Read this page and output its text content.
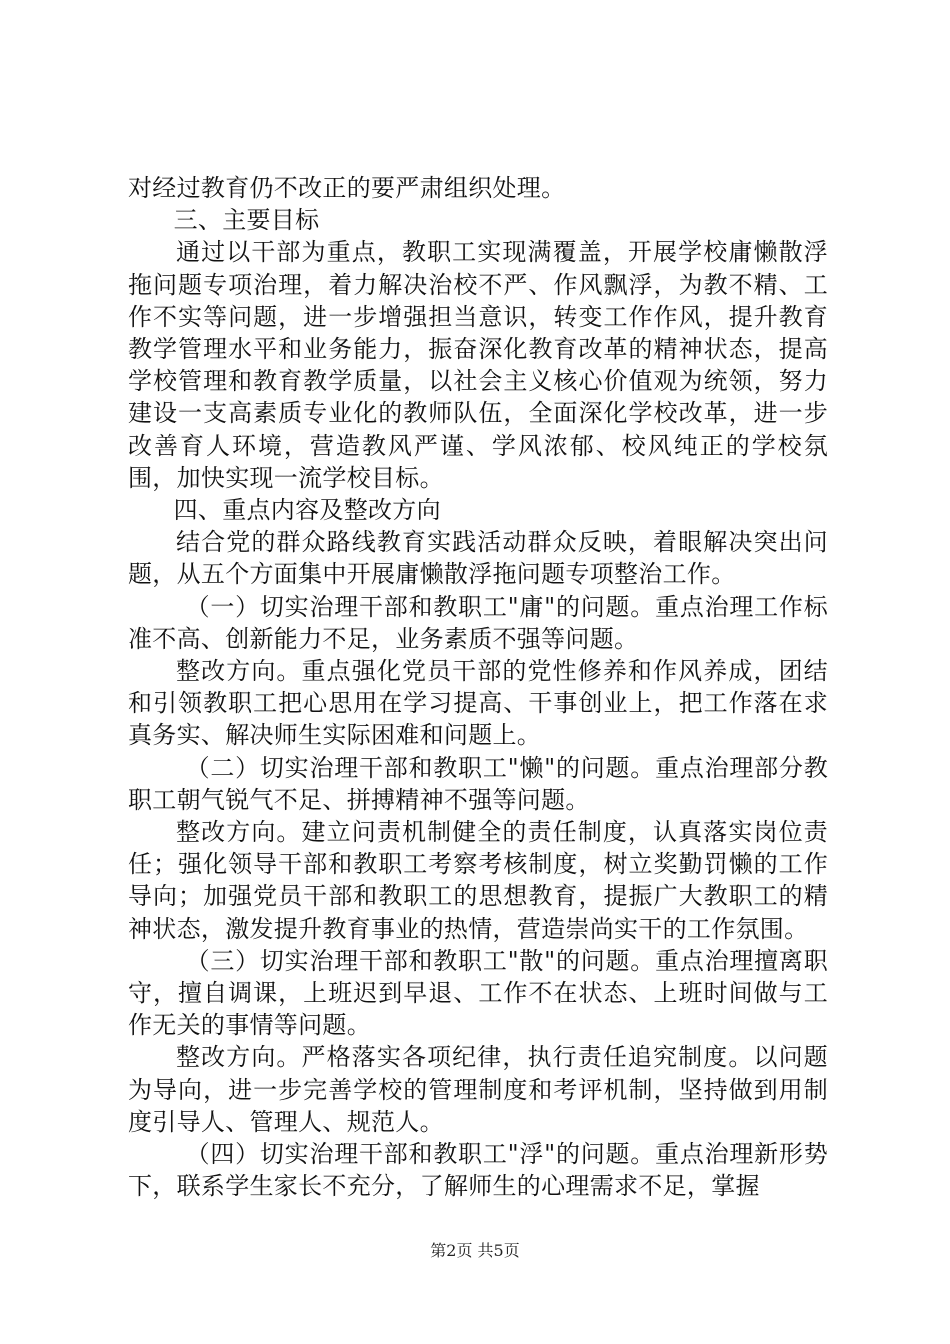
对经过教育仍不改正的要严肃组织处理。

三、主要目标

通过以干部为重点，教职工实现满覆盖，开展学校庸懒散浮拖问题专项治理，着力解决治校不严、作风飘浮，为教不精、工作不实等问题，进一步增强担当意识，转变工作作风，提升教育教学管理水平和业务能力，振奋深化教育改革的精神状态，提高学校管理和教育教学质量，以社会主义核心价值观为统领，努力建设一支高素质专业化的教师队伍，全面深化学校改革，进一步改善育人环境，营造教风严谨、学风浓郁、校风纯正的学校氛围，加快实现一流学校目标。

四、重点内容及整改方向

结合党的群众路线教育实践活动群众反映，着眼解决突出问题，从五个方面集中开展庸懒散浮拖问题专项整治工作。

（一）切实治理干部和教职工"庸"的问题。重点治理工作标准不高、创新能力不足，业务素质不强等问题。

整改方向。重点强化党员干部的党性修养和作风养成，团结和引领教职工把心思用在学习提高、干事创业上，把工作落在求真务实、解决师生实际困难和问题上。

（二）切实治理干部和教职工"懒"的问题。重点治理部分教职工朝气锐气不足、拼搏精神不强等问题。

整改方向。建立问责机制健全的责任制度，认真落实岗位责任；强化领导干部和教职工考察考核制度，树立奖勤罚懒的工作导向；加强党员干部和教职工的思想教育，提振广大教职工的精神状态，激发提升教育事业的热情，营造崇尚实干的工作氛围。

（三）切实治理干部和教职工"散"的问题。重点治理擅离职守，擅自调课，上班迟到早退、工作不在状态、上班时间做与工作无关的事情等问题。

整改方向。严格落实各项纪律，执行责任追究制度。以问题为导向，进一步完善学校的管理制度和考评机制，坚持做到用制度引导人、管理人、规范人。

（四）切实治理干部和教职工"浮"的问题。重点治理新形势下，联系学生家长不充分，了解师生的心理需求不足，掌握

第2页 共5页
